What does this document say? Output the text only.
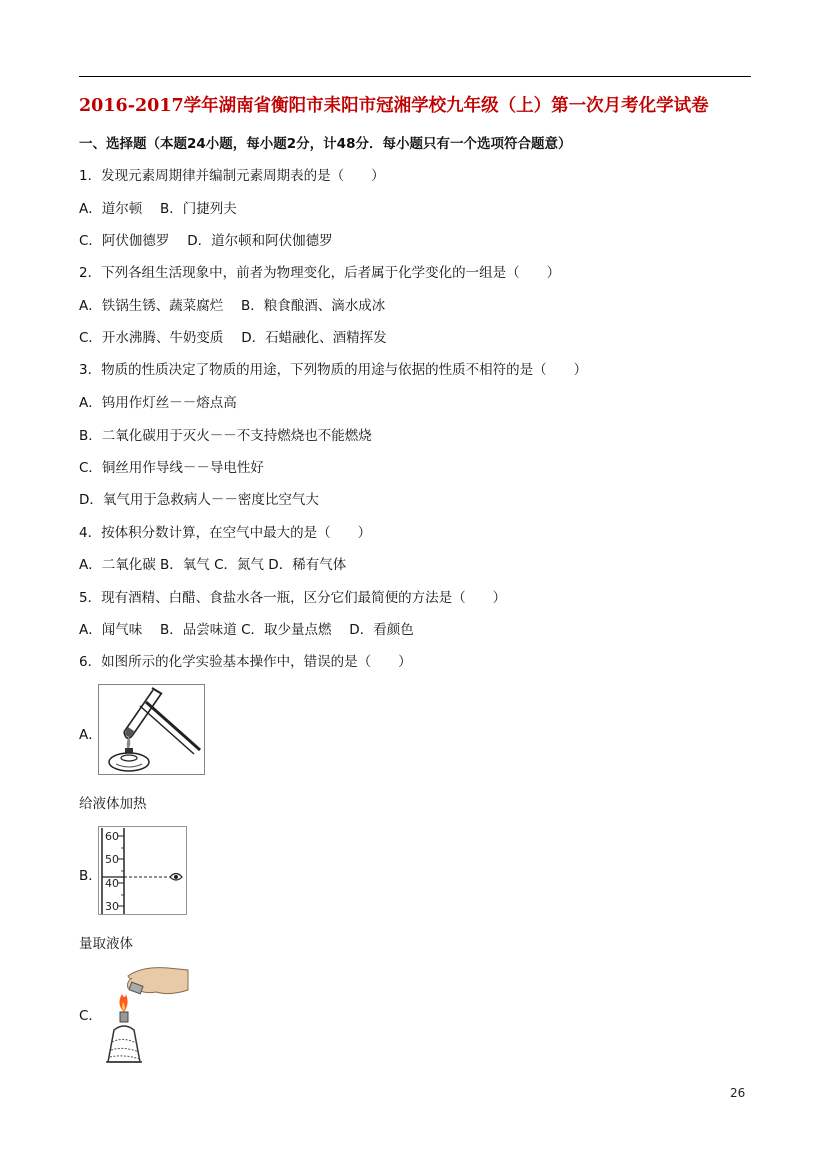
2016-2017学年湖南省衡阳市耒阳市冠湘学校九年级（上）第一次月考化学试卷
一、选择题（本题24小题，每小题2分，计48分．每小题只有一个选项符合题意）
1．发现元素周期律并编制元素周期表的是（　　）
A．道尔顿　 B．门捷列夫
C．阿伏伽德罗　 D．道尔顿和阿伏伽德罗
2．下列各组生活现象中，前者为物理变化，后者属于化学变化的一组是（　　）
A．铁锅生锈、蔬菜腐烂　 B．粮食酿酒、滴水成冰
C．开水沸腾、牛奶变质　 D．石蜡融化、酒精挥发
3．物质的性质决定了物质的用途，下列物质的用途与依据的性质不相符的是（　　）
A．钨用作灯丝－－熔点高
B．二氧化碳用于灭火－－不支持燃烧也不能燃烧
C．铜丝用作导线－－导电性好
D．氧气用于急救病人－－密度比空气大
4．按体积分数计算，在空气中最大的是（　　）
A．二氧化碳 B．氧气 C．氮气 D．稀有气体
5．现有酒精、白醋、食盐水各一瓶，区分它们最简便的方法是（　　）
A．闻气味　 B．品尝味道 C．取少量点燃　 D．看颜色
6．如图所示的化学实验基本操作中，错误的是（　　）
A．
给液体加热
B．
60
50
40
30
量取液体
C．
26
